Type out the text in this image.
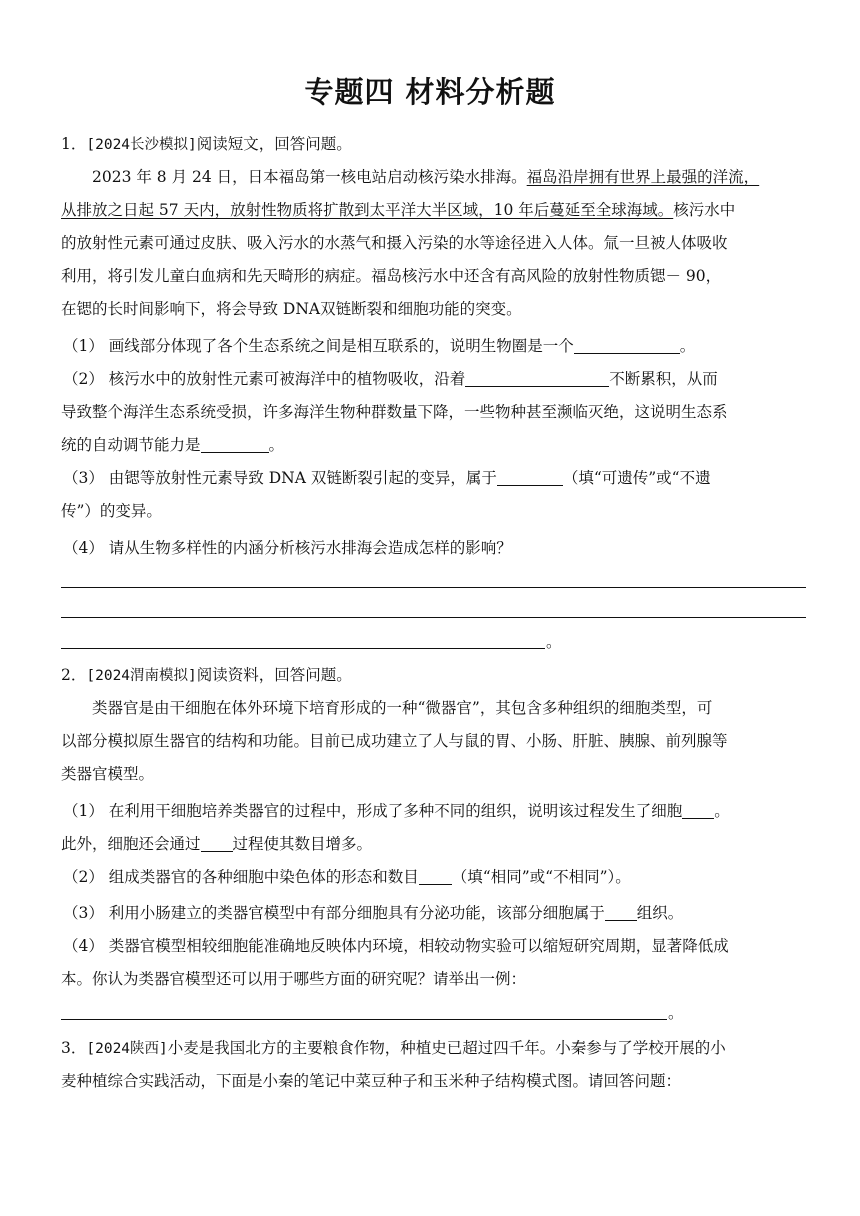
专题四 材料分析题
1．[2024长沙模拟]阅读短文，回答问题。
2023 年 8 月 24 日，日本福岛第一核电站启动核污染水排海。福岛沿岸拥有世界上最强的洋流，
从排放之日起 57 天内，放射性物质将扩散到太平洋大半区域，10 年后蔓延至全球海域。核污水中
的放射性元素可通过皮肤、吸入污水的水蒸气和摄入污染的水等途径进入人体。氚一旦被人体吸收
利用，将引发儿童白血病和先天畸形的病症。福岛核污水中还含有高风险的放射性物质锶－ 90，
在锶的长时间影响下，将会导致 DNA双链断裂和细胞功能的突变。
（1） 画线部分体现了各个生态系统之间是相互联系的，说明生物圈是一个	。
（2） 核污水中的放射性元素可被海洋中的植物吸收，沿着	不断累积，从而
导致整个海洋生态系统受损，许多海洋生物种群数量下降，一些物种甚至濒临灭绝，这说明生态系
统的自动调节能力是	。
（3） 由锶等放射性元素导致 DNA 双链断裂引起的变异，属于	（填“可遗传”或“不遗
传”）的变异。
（4） 请从生物多样性的内涵分析核污水排海会造成怎样的影响？
。
2．[2024渭南模拟]阅读资料，回答问题。
类器官是由干细胞在体外环境下培育形成的一种“微器官”，其包含多种组织的细胞类型，可
以部分模拟原生器官的结构和功能。目前已成功建立了人与鼠的胃、小肠、肝脏、胰腺、前列腺等
类器官模型。
（1） 在利用干细胞培养类器官的过程中，形成了多种不同的组织，说明该过程发生了细胞 。
此外，细胞还会通过 过程使其数目增多。
（2） 组成类器官的各种细胞中染色体的形态和数目 （填“相同”或“不相同”）。
（3） 利用小肠建立的类器官模型中有部分细胞具有分泌功能，该部分细胞属于 组织。
（4） 类器官模型相较细胞能准确地反映体内环境，相较动物实验可以缩短研究周期，显著降低成
本。你认为类器官模型还可以用于哪些方面的研究呢？请举出一例：
。
3．[2024陕西]小麦是我国北方的主要粮食作物，种植史已超过四千年。小秦参与了学校开展的小
麦种植综合实践活动，下面是小秦的笔记中菜豆种子和玉米种子结构模式图。请回答问题：
